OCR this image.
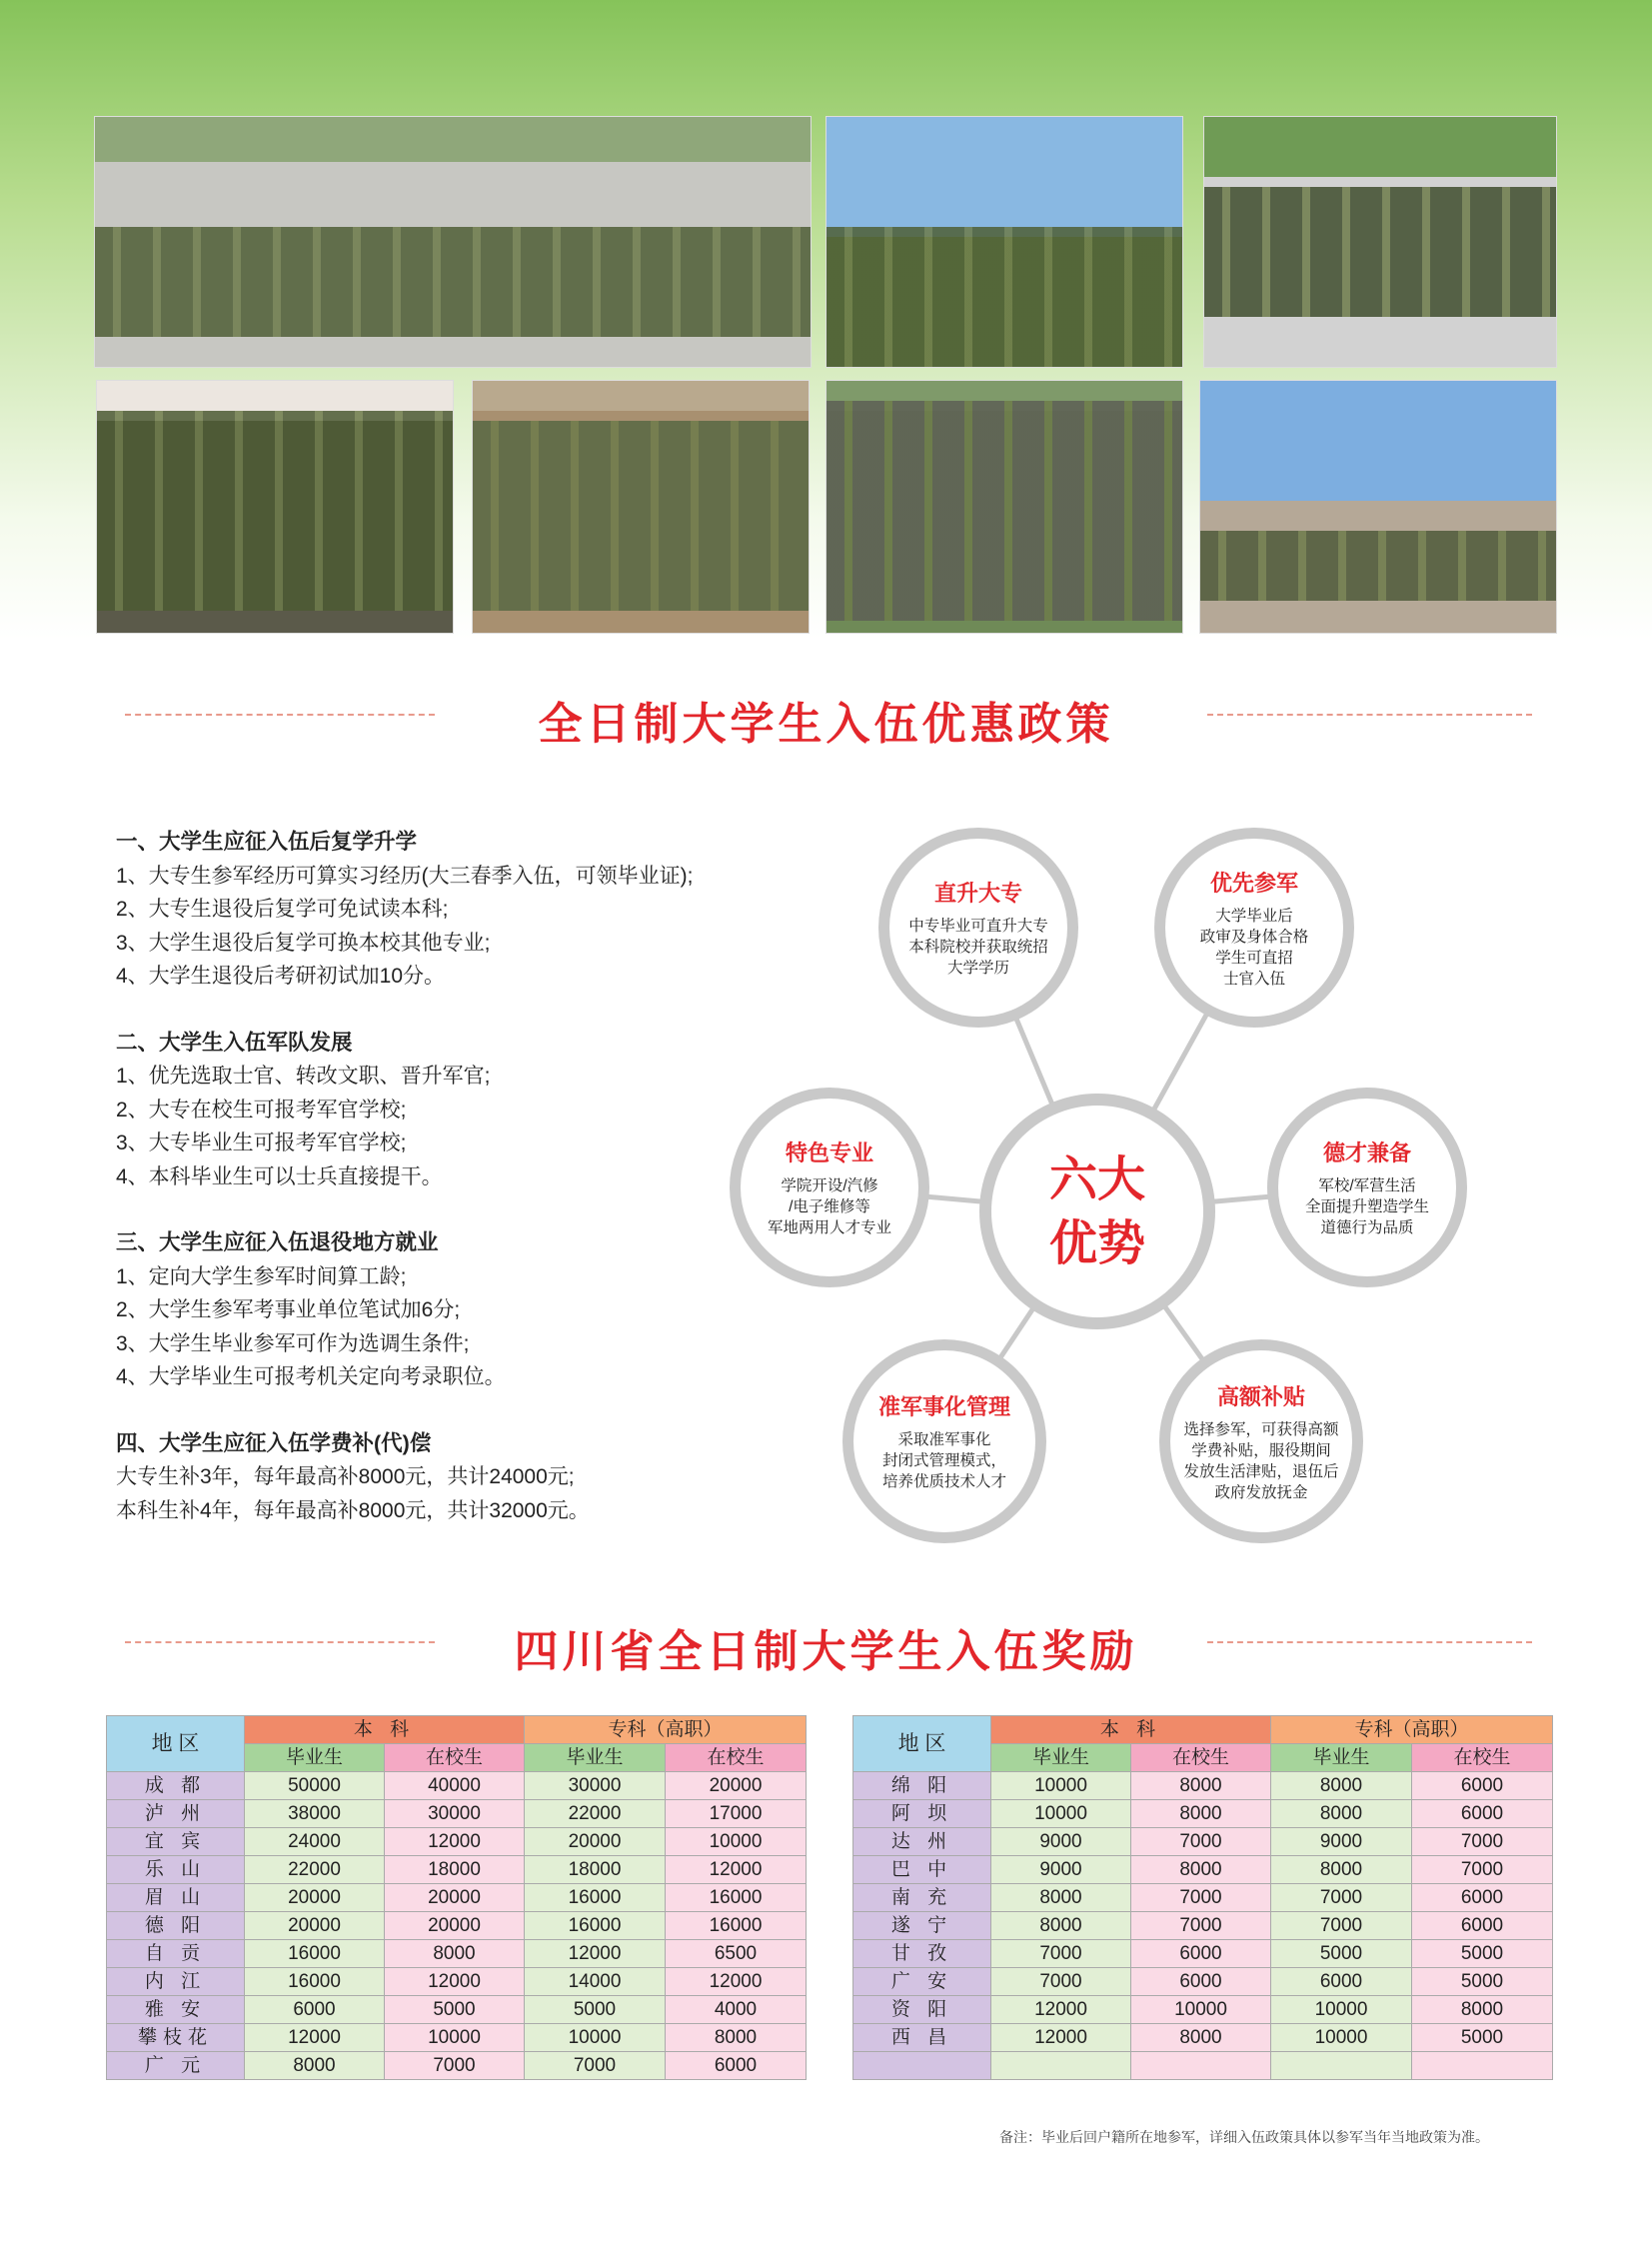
全日制大学生入伍优惠政策
一、大学生应征入伍后复学升学
1、大专生参军经历可算实习经历(大三春季入伍，可领毕业证);
2、大专生退役后复学可免试读本科;
3、大学生退役后复学可换本校其他专业;
4、大学生退役后考研初试加10分。
二、大学生入伍军队发展
1、优先选取士官、转改文职、晋升军官;
2、大专在校生可报考军官学校;
3、大专毕业生可报考军官学校;
4、本科毕业生可以士兵直接提干。
三、大学生应征入伍退役地方就业
1、定向大学生参军时间算工龄;
2、大学生参军考事业单位笔试加6分;
3、大学生毕业参军可作为选调生条件;
4、大学毕业生可报考机关定向考录职位。
四、大学生应征入伍学费补(代)偿
大专生补3年，每年最高补8000元，共计24000元;
本科生补4年，每年最高补8000元，共计32000元。
六大
优势
直升大专
中专毕业可直升大专
本科院校并获取统招
大学学历
优先参军
大学毕业后
政审及身体合格
学生可直招
士官入伍
特色专业
学院开设/汽修
/电子维修等
军地两用人才专业
德才兼备
军校/军营生活
全面提升塑造学生
道德行为品质
准军事化管理
采取准军事化
封闭式管理模式，
培养优质技术人才
高额补贴
选择参军，可获得高额
学费补贴，服役期间
发放生活津贴，退伍后
政府发放抚金
四川省全日制大学生入伍奖励
地 区	本 科		专科（高职）	
	毕业生	在校生	毕业生	在校生
成 都	50000	40000	30000	20000
泸 州	38000	30000	22000	17000
宜 宾	24000	12000	20000	10000
乐 山	22000	18000	18000	12000
眉 山	20000	20000	16000	16000
德 阳	20000	20000	16000	16000
自 贡	16000	8000	12000	6500
内 江	16000	12000	14000	12000
雅 安	6000	5000	5000	4000
攀枝花	12000	10000	10000	8000
广 元	8000	7000	7000	6000
地 区	本 科		专科（高职）	
	毕业生	在校生	毕业生	在校生
绵 阳	10000	8000	8000	6000
阿 坝	10000	8000	8000	6000
达 州	9000	7000	9000	7000
巴 中	9000	8000	8000	7000
南 充	8000	7000	7000	6000
遂 宁	8000	7000	7000	6000
甘 孜	7000	6000	5000	5000
广 安	7000	6000	6000	5000
资 阳	12000	10000	10000	8000
西 昌	12000	8000	10000	5000

备注：毕业后回户籍所在地参军，详细入伍政策具体以参军当年当地政策为准。
